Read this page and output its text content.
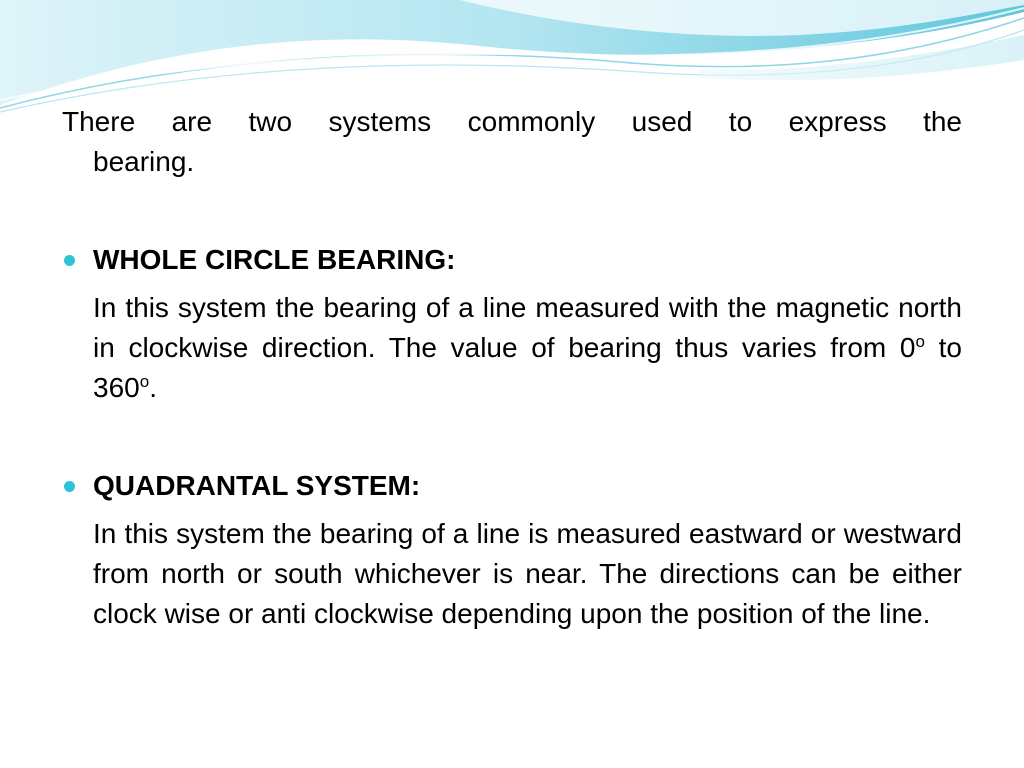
There are two systems commonly used to express the
bearing.
WHOLE CIRCLE BEARING:
In this system the bearing of a line measured with the magnetic north in clockwise direction. The value of bearing thus varies from 0$^o$ to 360$^o$.
QUADRANTAL SYSTEM:
In this system the bearing of a line is measured eastward or westward from north or south whichever is near. The directions can be either clock wise or anti clockwise depending upon the position of the line.
